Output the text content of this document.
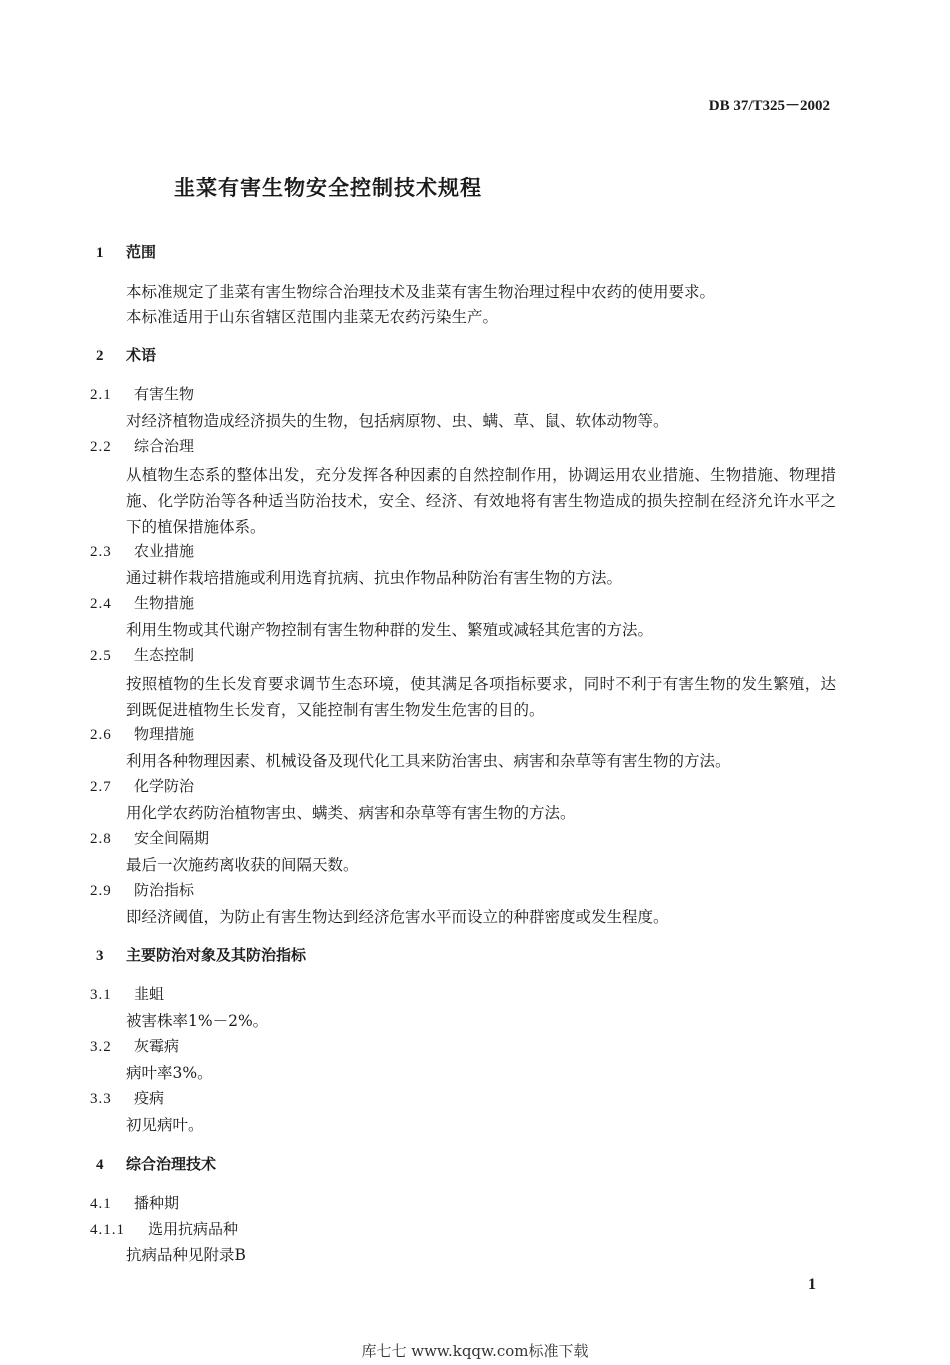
DB 37/T325－2002
韭菜有害生物安全控制技术规程
1 范围
本标准规定了韭菜有害生物综合治理技术及韭菜有害生物治理过程中农药的使用要求。
本标准适用于山东省辖区范围内韭菜无农药污染生产。
2 术语
2.1 有害生物
对经济植物造成经济损失的生物，包括病原物、虫、螨、草、鼠、软体动物等。
2.2 综合治理
从植物生态系的整体出发，充分发挥各种因素的自然控制作用，协调运用农业措施、生物措施、物理措施、化学防治等各种适当防治技术，安全、经济、有效地将有害生物造成的损失控制在经济允许水平之下的植保措施体系。
2.3 农业措施
通过耕作栽培措施或利用选育抗病、抗虫作物品种防治有害生物的方法。
2.4 生物措施
利用生物或其代谢产物控制有害生物种群的发生、繁殖或减轻其危害的方法。
2.5 生态控制
按照植物的生长发育要求调节生态环境，使其满足各项指标要求，同时不利于有害生物的发生繁殖，达到既促进植物生长发育，又能控制有害生物发生危害的目的。
2.6 物理措施
利用各种物理因素、机械设备及现代化工具来防治害虫、病害和杂草等有害生物的方法。
2.7 化学防治
用化学农药防治植物害虫、螨类、病害和杂草等有害生物的方法。
2.8 安全间隔期
最后一次施药离收获的间隔天数。
2.9 防治指标
即经济阈值，为防止有害生物达到经济危害水平而设立的种群密度或发生程度。
3 主要防治对象及其防治指标
3.1 韭蛆
被害株率1%－2%。
3.2 灰霉病
病叶率3%。
3.3 疫病
初见病叶。
4 综合治理技术
4.1 播种期
4.1.1 选用抗病品种
抗病品种见附录B
1
库七七 www.kqqw.com标准下载
